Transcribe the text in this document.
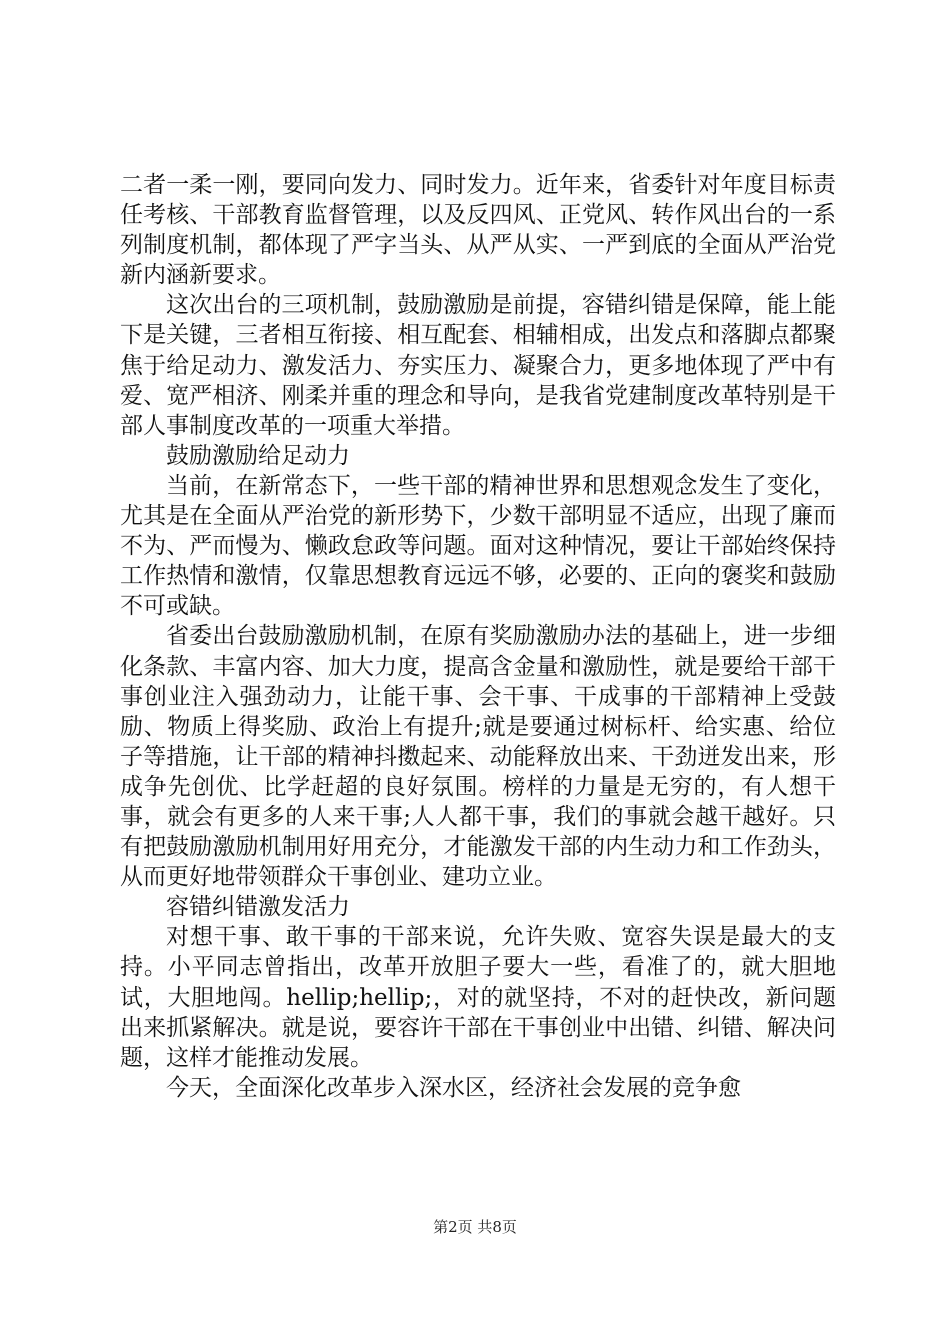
二者一柔一刚，要同向发力、同时发力。近年来，省委针对年度目标责任考核、干部教育监督管理，以及反四风、正党风、转作风出台的一系列制度机制，都体现了严字当头、从严从实、一严到底的全面从严治党新内涵新要求。

这次出台的三项机制，鼓励激励是前提，容错纠错是保障，能上能下是关键，三者相互衔接、相互配套、相辅相成，出发点和落脚点都聚焦于给足动力、激发活力、夯实压力、凝聚合力，更多地体现了严中有爱、宽严相济、刚柔并重的理念和导向，是我省党建制度改革特别是干部人事制度改革的一项重大举措。

鼓励激励给足动力

当前，在新常态下，一些干部的精神世界和思想观念发生了变化，尤其是在全面从严治党的新形势下，少数干部明显不适应，出现了廉而不为、严而慢为、懒政怠政等问题。面对这种情况，要让干部始终保持工作热情和激情，仅靠思想教育远远不够，必要的、正向的褒奖和鼓励不可或缺。

省委出台鼓励激励机制，在原有奖励激励办法的基础上，进一步细化条款、丰富内容、加大力度，提高含金量和激励性，就是要给干部干事创业注入强劲动力，让能干事、会干事、干成事的干部精神上受鼓励、物质上得奖励、政治上有提升;就是要通过树标杆、给实惠、给位子等措施，让干部的精神抖擞起来、动能释放出来、干劲迸发出来，形成争先创优、比学赶超的良好氛围。榜样的力量是无穷的，有人想干事，就会有更多的人来干事;人人都干事，我们的事就会越干越好。只有把鼓励激励机制用好用充分，才能激发干部的内生动力和工作劲头，从而更好地带领群众干事创业、建功立业。

容错纠错激发活力

对想干事、敢干事的干部来说，允许失败、宽容失误是最大的支持。小平同志曾指出，改革开放胆子要大一些，看准了的，就大胆地试，大胆地闯。hellip;hellip;，对的就坚持，不对的赶快改，新问题出来抓紧解决。就是说，要容许干部在干事创业中出错、纠错、解决问题，这样才能推动发展。

今天，全面深化改革步入深水区，经济社会发展的竞争愈

第2页 共8页
